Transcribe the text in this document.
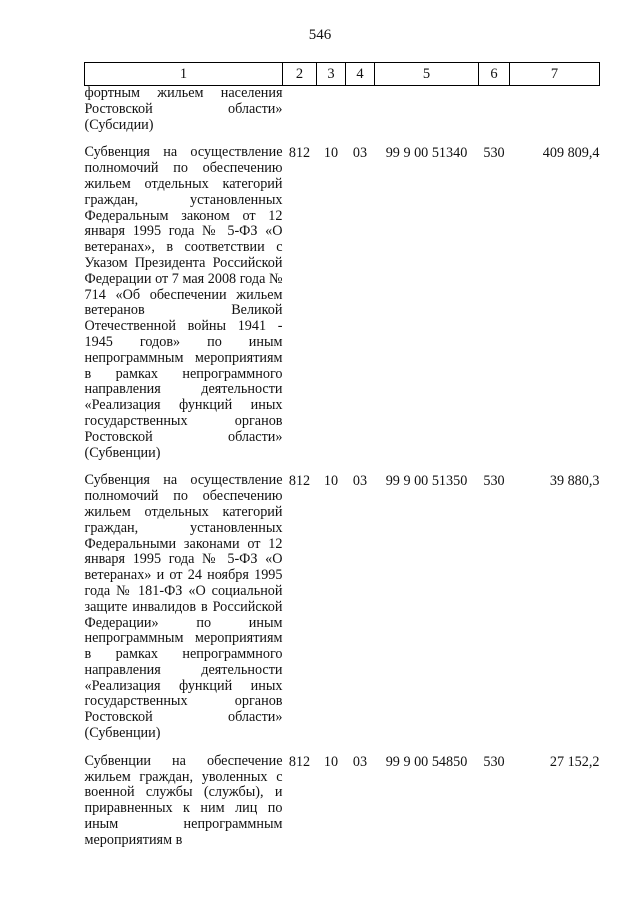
546
1	2	3	4	5	6	7
фортным жильем населения Ростовской области» (Субсидии)						
Субвенция на осуществление полномочий по обеспечению жильем отдельных категорий граждан, установленных Федеральным законом от 12 января 1995 года № 5-ФЗ «О ветеранах», в соответствии с Указом Президента Российской Федерации от 7 мая 2008 года № 714 «Об обеспечении жильем ветеранов Великой Отечественной войны 1941 - 1945 годов» по иным непрограммным мероприятиям в рамках непрограммного направления деятельности «Реализация функций иных государственных органов Ростовской области» (Субвенции)	812	10	03	99 9 00 51340	530	409 809,4
Субвенция на осуществление полномочий по обеспечению жильем отдельных категорий граждан, установленных Федеральными законами от 12 января 1995 года № 5-ФЗ «О ветеранах» и от 24 ноября 1995 года № 181-ФЗ «О социальной защите инвалидов в Российской Федерации» по иным непрограммным мероприятиям в рамках непрограммного направления деятельности «Реализация функций иных государственных органов Ростовской области» (Субвенции)	812	10	03	99 9 00 51350	530	39 880,3
Субвенции на обеспечение жильем граждан, уволенных с военной службы (службы), и приравненных к ним лиц по иным непрограммным мероприятиям в	812	10	03	99 9 00 54850	530	27 152,2
